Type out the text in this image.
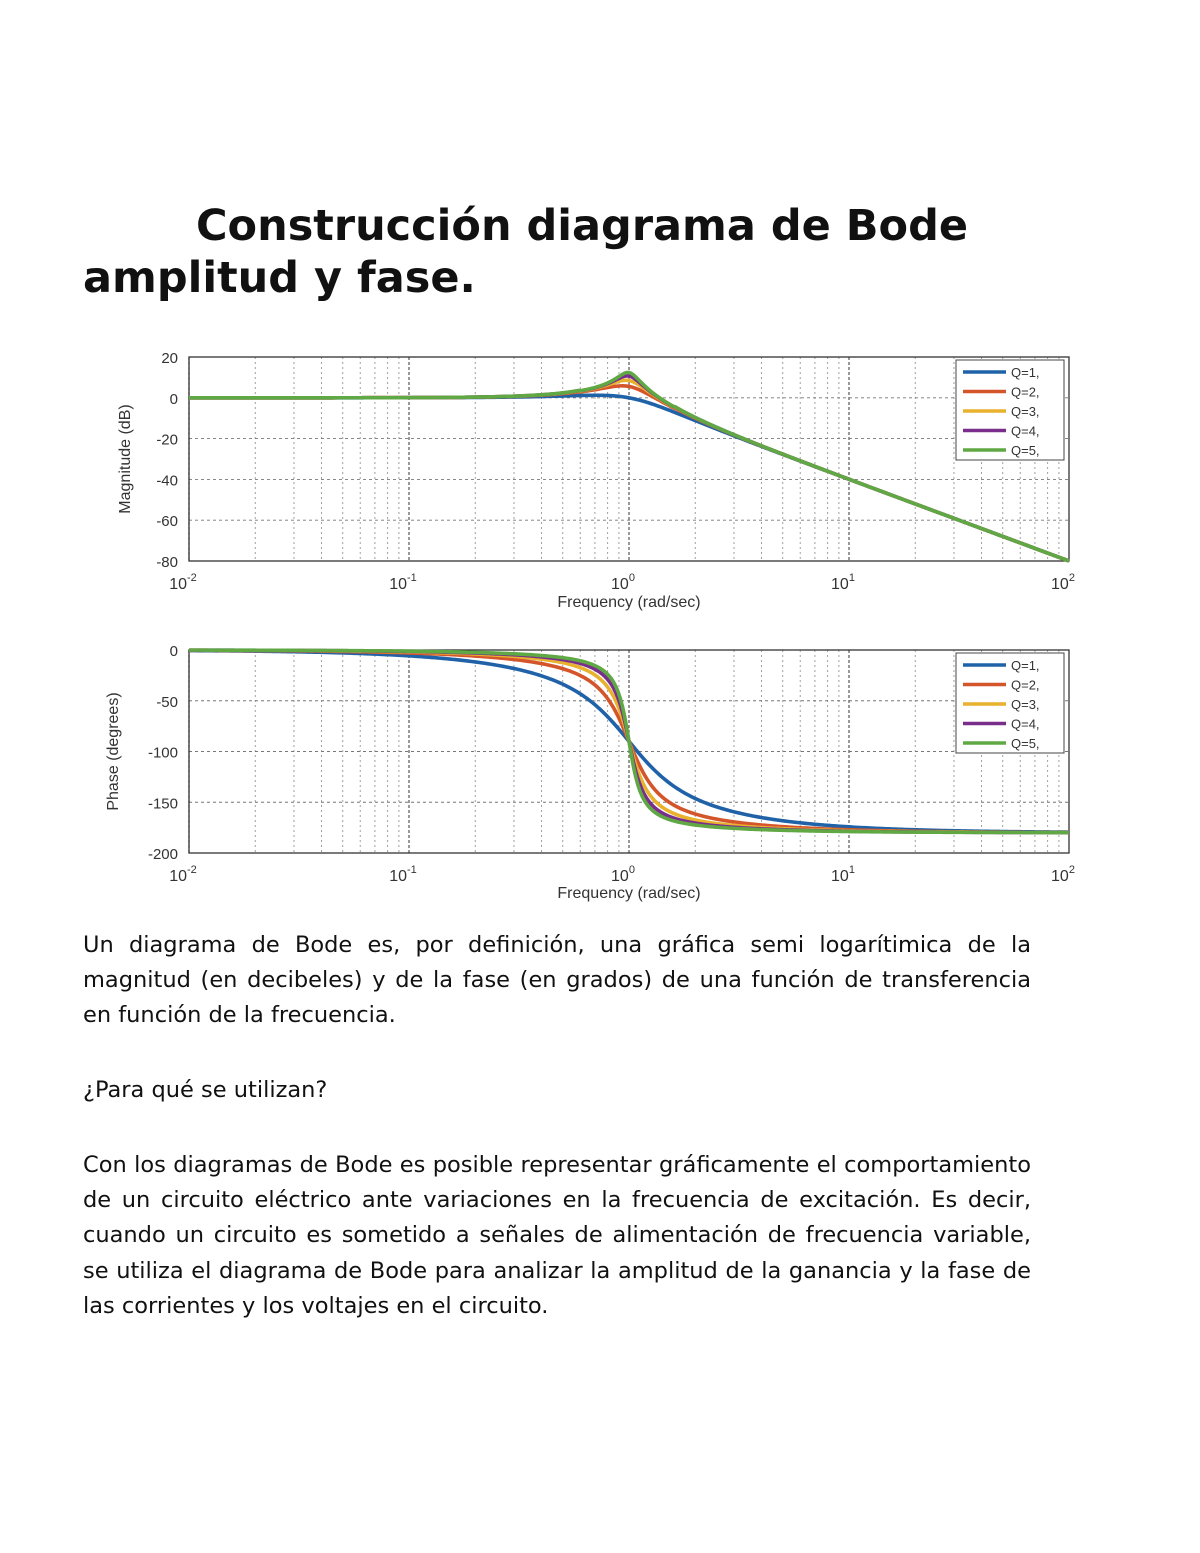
Construcción diagrama de Bode
amplitud y fase.
20
0
-20
-40
-60
-80
$10^{-2}$	$10^{-1}$	$10^0$	$10^1$	$10^2$
Q=1,
Q=2,
Q=3,
Q=4,
Q=5,
Frequency (rad/sec)
Magnitude (dB)
0
-50
-100
-150
-200
$10^{-2}$	$10^{-1}$	$10^0$	$10^1$	$10^2$
Q=1,
Q=2,
Q=3,
Q=4,
Q=5,
Frequency (rad/sec)
Phase (degrees)

Un diagrama de Bode es, por definición, una gráfica semi logarítimica de la magnitud (en decibeles) y de la fase (en grados) de una función de transferencia en función de la frecuencia.

¿Para qué se utilizan?

Con los diagramas de Bode es posible representar gráficamente el comportamiento de un circuito eléctrico ante variaciones en la frecuencia de excitación. Es decir, cuando un circuito es sometido a señales de alimentación de frecuencia variable, se utiliza el diagrama de Bode para analizar la amplitud de la ganancia y la fase de las corrientes y los voltajes en el circuito.
